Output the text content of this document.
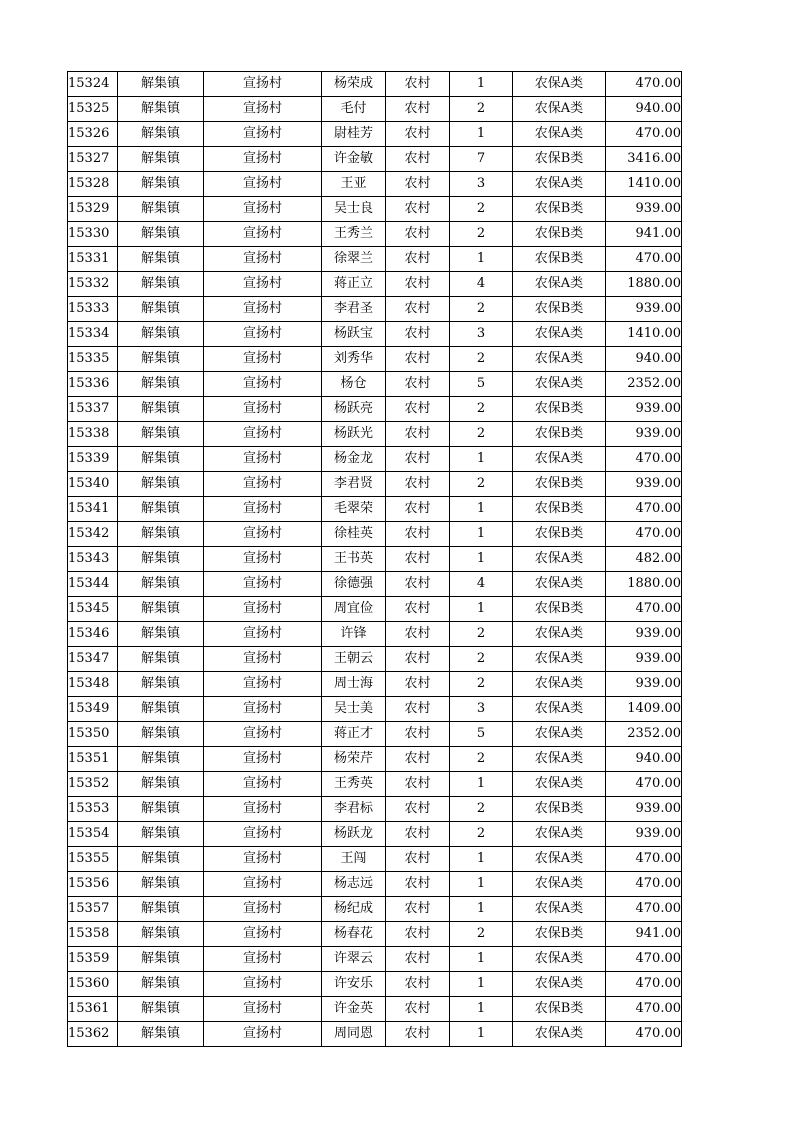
15324	解集镇	宣扬村	杨荣成	农村	1	农保A类	470.00
15325	解集镇	宣扬村	毛付	农村	2	农保A类	940.00
15326	解集镇	宣扬村	尉桂芳	农村	1	农保A类	470.00
15327	解集镇	宣扬村	许金敏	农村	7	农保B类	3416.00
15328	解集镇	宣扬村	王亚	农村	3	农保A类	1410.00
15329	解集镇	宣扬村	吴士良	农村	2	农保B类	939.00
15330	解集镇	宣扬村	王秀兰	农村	2	农保B类	941.00
15331	解集镇	宣扬村	徐翠兰	农村	1	农保B类	470.00
15332	解集镇	宣扬村	蒋正立	农村	4	农保A类	1880.00
15333	解集镇	宣扬村	李君圣	农村	2	农保B类	939.00
15334	解集镇	宣扬村	杨跃宝	农村	3	农保A类	1410.00
15335	解集镇	宣扬村	刘秀华	农村	2	农保A类	940.00
15336	解集镇	宣扬村	杨仓	农村	5	农保A类	2352.00
15337	解集镇	宣扬村	杨跃亮	农村	2	农保B类	939.00
15338	解集镇	宣扬村	杨跃光	农村	2	农保B类	939.00
15339	解集镇	宣扬村	杨金龙	农村	1	农保A类	470.00
15340	解集镇	宣扬村	李君贤	农村	2	农保B类	939.00
15341	解集镇	宣扬村	毛翠荣	农村	1	农保B类	470.00
15342	解集镇	宣扬村	徐桂英	农村	1	农保B类	470.00
15343	解集镇	宣扬村	王书英	农村	1	农保A类	482.00
15344	解集镇	宣扬村	徐德强	农村	4	农保A类	1880.00
15345	解集镇	宣扬村	周宜俭	农村	1	农保B类	470.00
15346	解集镇	宣扬村	许锋	农村	2	农保A类	939.00
15347	解集镇	宣扬村	王朝云	农村	2	农保A类	939.00
15348	解集镇	宣扬村	周士海	农村	2	农保A类	939.00
15349	解集镇	宣扬村	吴士美	农村	3	农保A类	1409.00
15350	解集镇	宣扬村	蒋正才	农村	5	农保A类	2352.00
15351	解集镇	宣扬村	杨荣芹	农村	2	农保A类	940.00
15352	解集镇	宣扬村	王秀英	农村	1	农保A类	470.00
15353	解集镇	宣扬村	李君标	农村	2	农保B类	939.00
15354	解集镇	宣扬村	杨跃龙	农村	2	农保A类	939.00
15355	解集镇	宣扬村	王闯	农村	1	农保A类	470.00
15356	解集镇	宣扬村	杨志远	农村	1	农保A类	470.00
15357	解集镇	宣扬村	杨纪成	农村	1	农保A类	470.00
15358	解集镇	宣扬村	杨春花	农村	2	农保B类	941.00
15359	解集镇	宣扬村	许翠云	农村	1	农保A类	470.00
15360	解集镇	宣扬村	许安乐	农村	1	农保A类	470.00
15361	解集镇	宣扬村	许金英	农村	1	农保B类	470.00
15362	解集镇	宣扬村	周同恩	农村	1	农保A类	470.00
